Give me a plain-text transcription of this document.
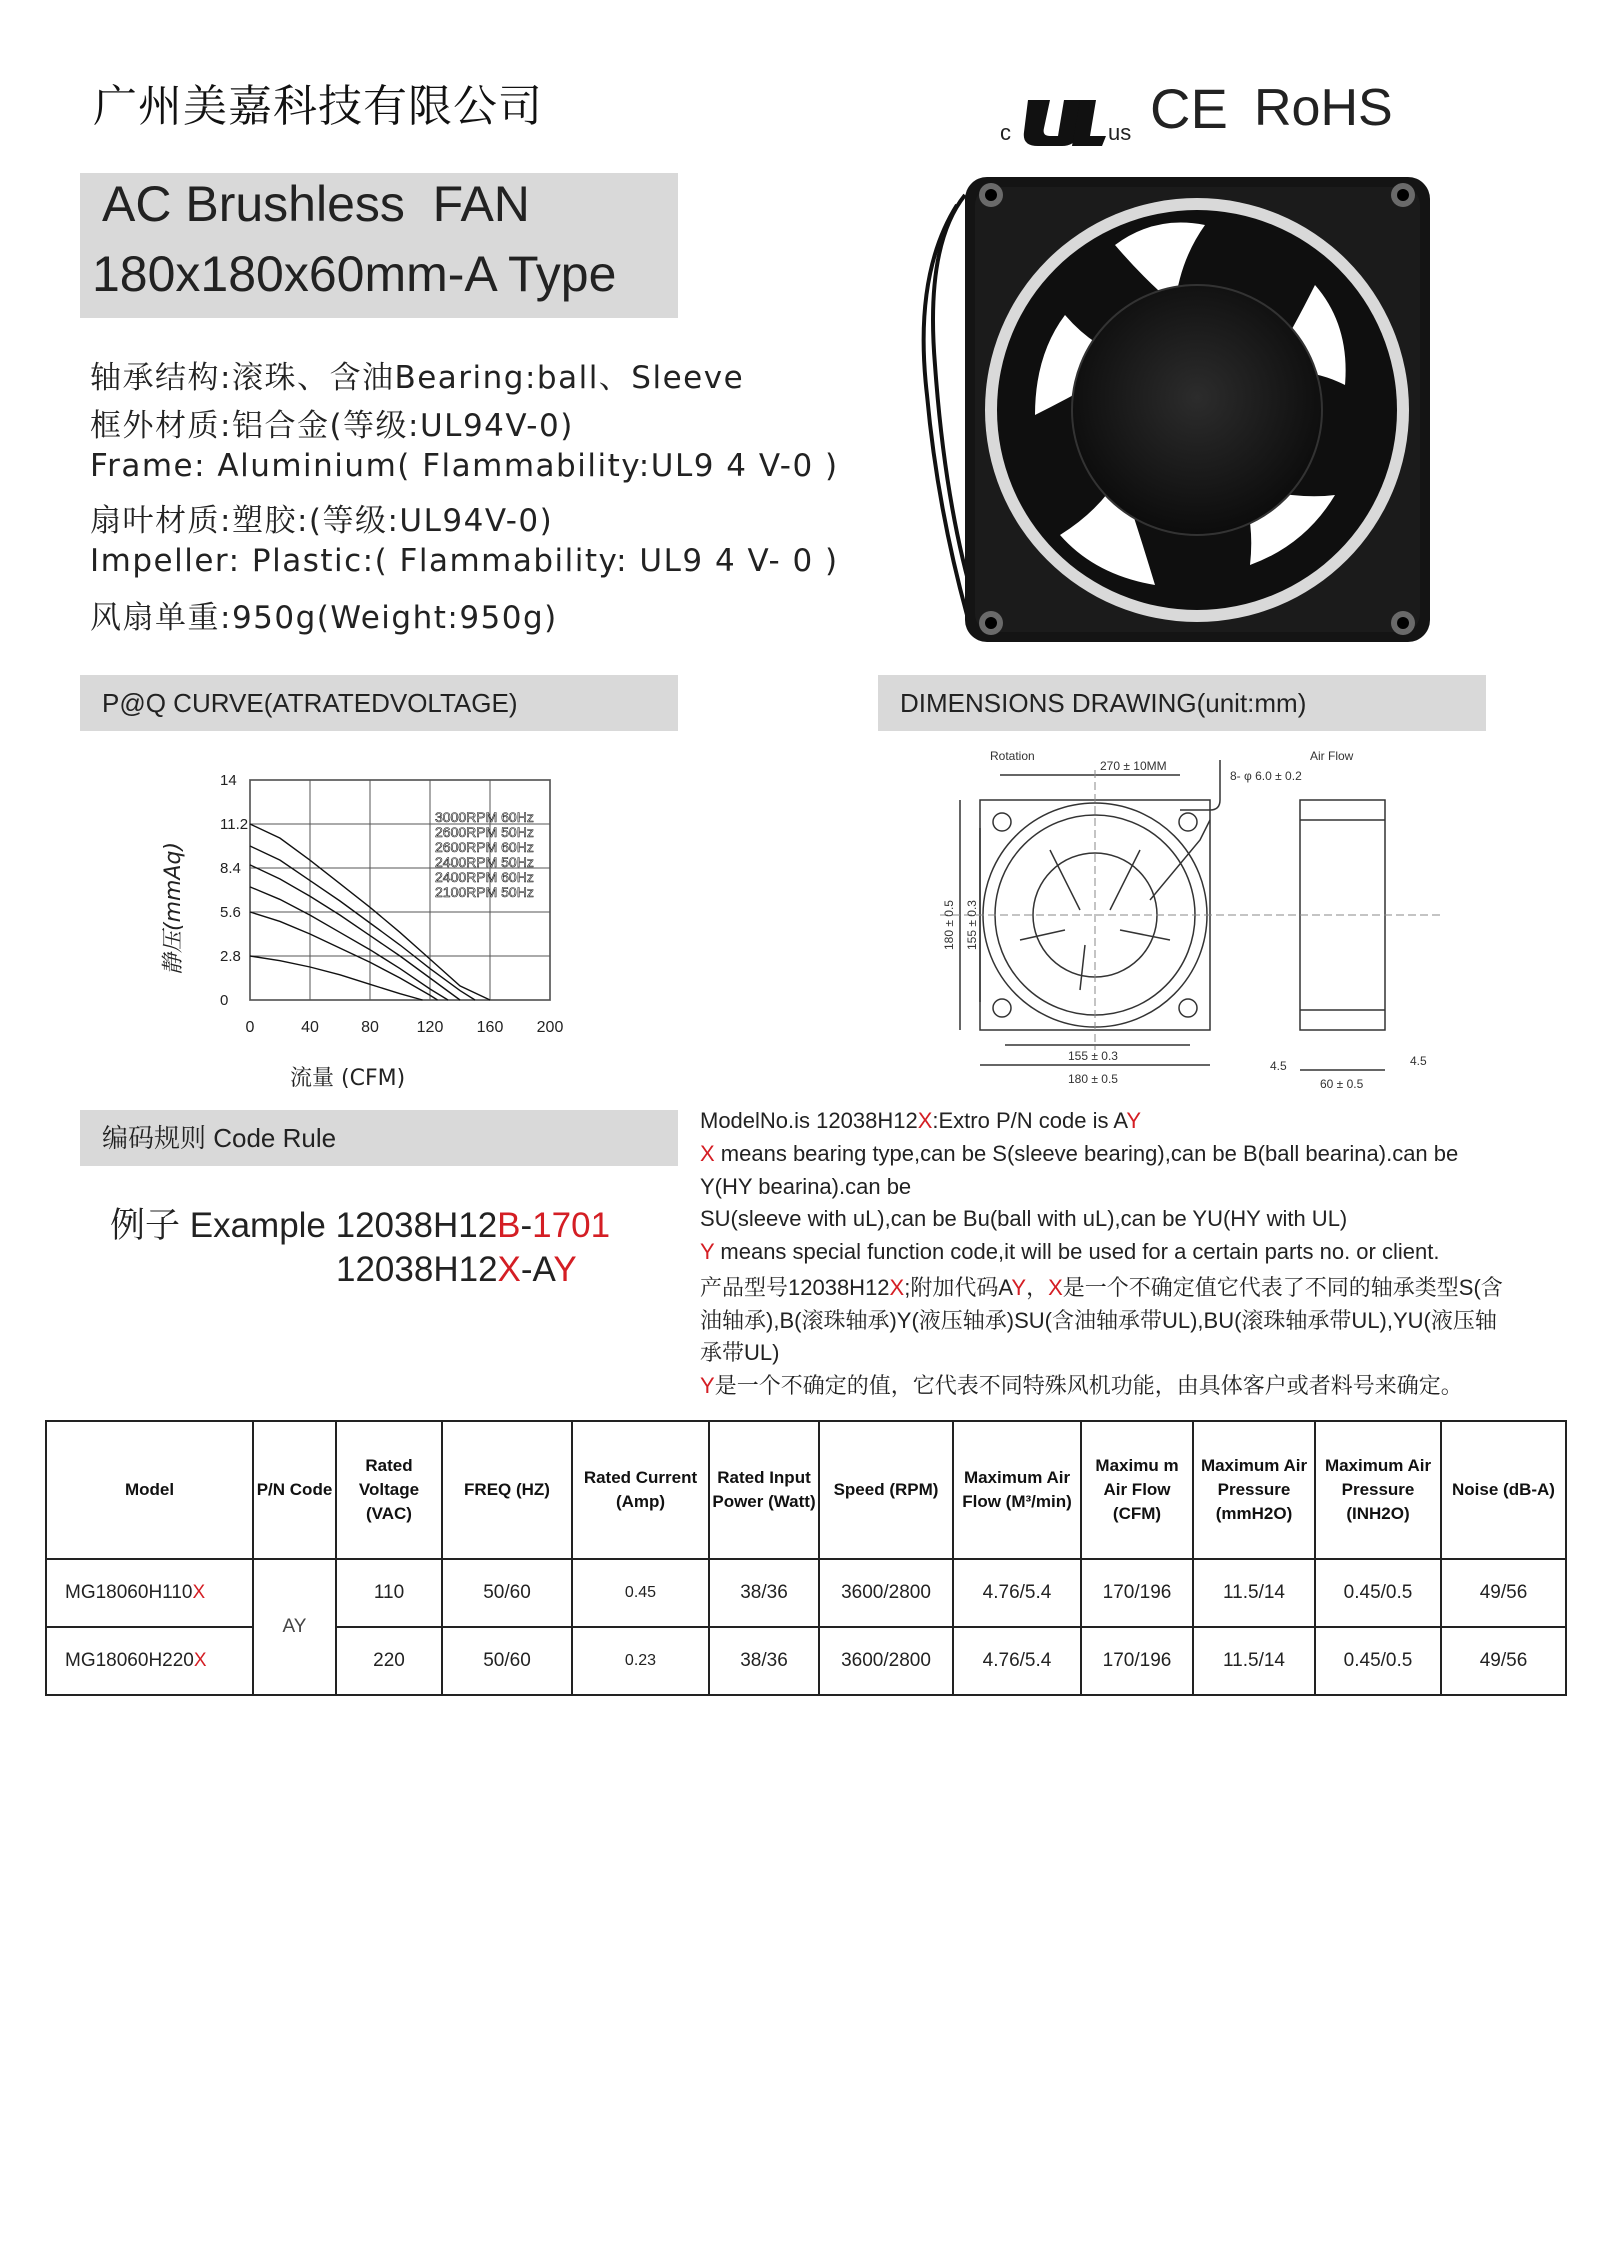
广州美嘉科技有限公司
AC Brushless  FAN
180x180x60mm-A Type
c	us CE RoHS
轴承结构:滚珠、含油Bearing:ball、Sleeve
框外材质:铝合金(等级:UL94V-0)
Frame: Aluminium( Flammability:UL9 4 V-0 )
扇叶材质:塑胶:(等级:UL94V-0)
Impeller: Plastic:( Flammability: UL9 4 V- 0 )
风扇单重:950g(Weight:950g)
P@Q CURVE(ATRATEDVOLTAGE)	DIMENSIONS DRAWING(unit:mm)
0	40	80 120 160 200
14
11.2
8.4
5.6
2.8
0
3000RPM 60Hz
2600RPM 50Hz
2600RPM 60Hz
2400RPM 50Hz
2400RPM 60Hz
2100RPM 50Hz
流量 (CFM)
静压(mmAq)
Rotation	Air Flow
270 ± 10MM
8- φ 6.0 ± 0.2
180 ± 0.5 155 ± 0.3
155 ± 0.3
180 ± 0.5	60 ± 0.5
4.5	4.5
编码规则 Code Rule
例子 Example 12038H12B-1701
12038H12X-AY
ModelNo.is 12038H12X:Extro P/N code is AY
X means bearing type,can be S(sleeve bearing),can be B(ball bearina).can be
Y(HY bearina).can be
SU(sleeve with uL),can be Bu(ball with uL),can be YU(HY with UL)
Y means special function code,it will be used for a certain parts no. or client.
产品型号12038H12X;附加代码AY，X是一个不确定值它代表了不同的轴承类型S(含
油轴承),B(滚珠轴承)Y(液压轴承)SU(含油轴承带UL),BU(滚珠轴承带UL),YU(液压轴
承带UL)
Y是一个不确定的值，它代表不同特殊风机功能，由具体客户或者料号来确定。
Model	P/N Code	Rated Voltage (VAC)	FREQ (HZ)	Rated Current (Amp)	Rated Input Power (Watt)	Speed (RPM)	Maximum Air Flow (M³/min)	Maximu m Air Flow (CFM)	Maximum Air Pressure (mmH2O)	Maximum Air Pressure (INH2O)	Noise (dB-A)
MG18060H110X	AY	110	50/60	0.45	38/36	3600/2800	4.76/5.4	170/196	11.5/14	0.45/0.5	49/56
MG18060H220X		220	50/60	0.23	38/36	3600/2800	4.76/5.4	170/196	11.5/14	0.45/0.5	49/56
